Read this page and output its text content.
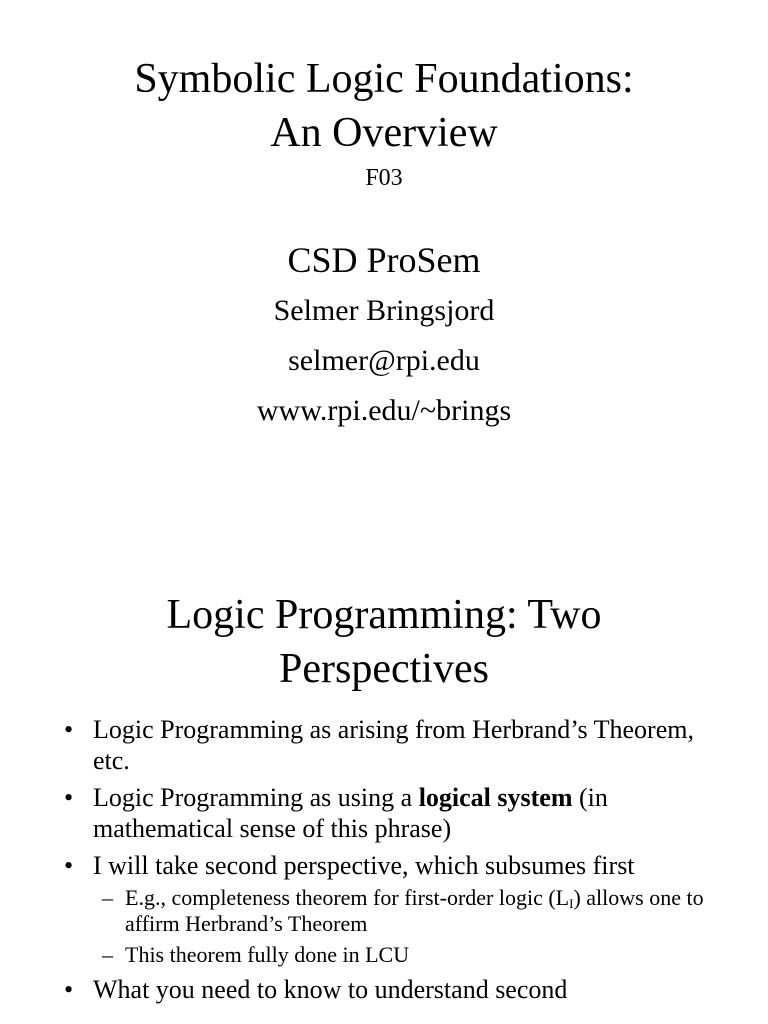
Symbolic Logic Foundations:
An Overview
F03
CSD ProSem
Selmer Bringsjord
selmer@rpi.edu
www.rpi.edu/~brings
Logic Programming: Two
Perspectives
• Logic Programming as arising from Herbrand’s Theorem, etc.
• Logic Programming as using a logical system (in mathematical sense of this phrase)
• I will take second perspective, which subsumes first
– E.g., completeness theorem for first-order logic $(L_I)$ allows one to affirm Herbrand’s Theorem
– This theorem fully done in LCU
• What you need to know to understand second
